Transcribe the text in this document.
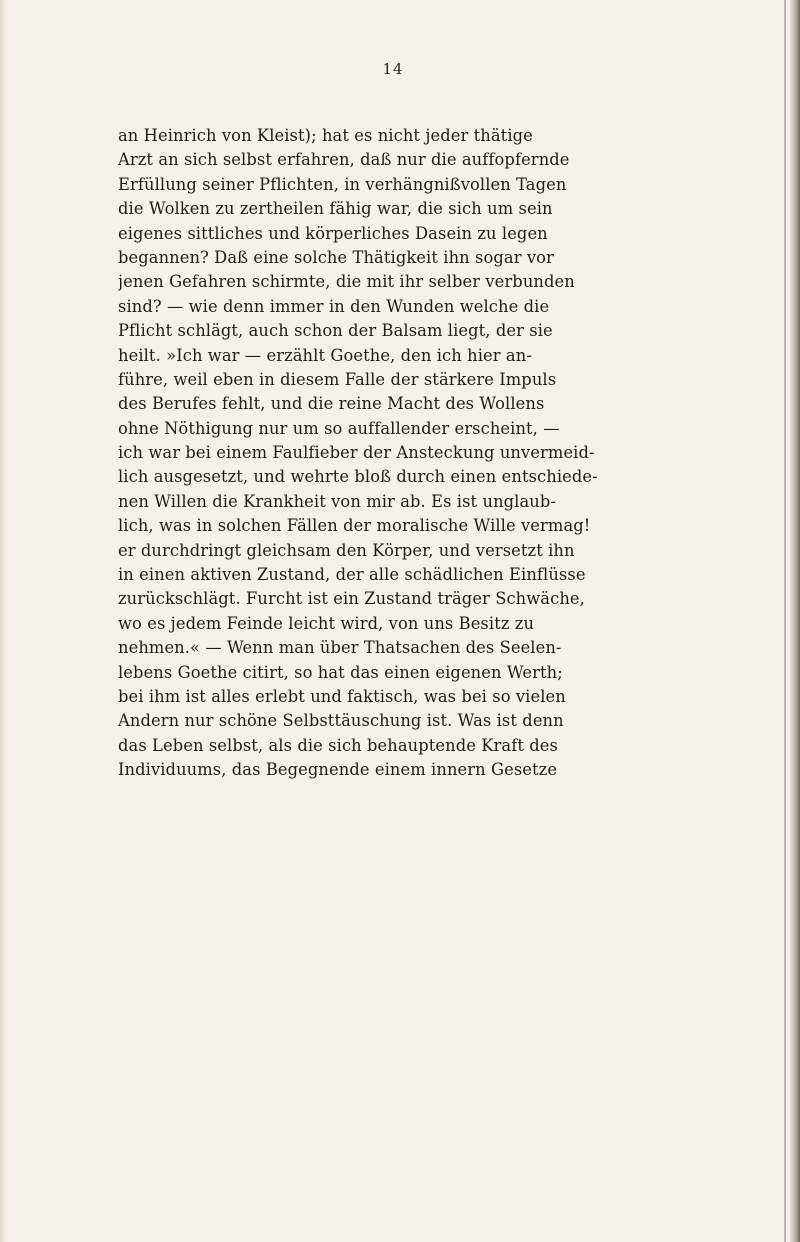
14
an Heinrich von Kleist); hat es nicht jeder thätige
Arzt an sich selbst erfahren, daß nur die auffopfernde
Erfüllung seiner Pflichten, in verhängnißvollen Tagen
die Wolken zu zertheilen fähig war, die sich um sein
eigenes sittliches und körperliches Dasein zu legen
begannen? Daß eine solche Thätigkeit ihn sogar vor
jenen Gefahren schirmte, die mit ihr selber verbunden
sind? — wie denn immer in den Wunden welche die
Pflicht schlägt, auch schon der Balsam liegt, der sie
heilt. »Ich war — erzählt Goethe, den ich hier an-
führe, weil eben in diesem Falle der stärkere Impuls
des Berufes fehlt, und die reine Macht des Wollens
ohne Nöthigung nur um so auffallender erscheint, —
ich war bei einem Faulfieber der Ansteckung unvermeid-
lich ausgesetzt, und wehrte bloß durch einen entschiede-
nen Willen die Krankheit von mir ab. Es ist unglaub-
lich, was in solchen Fällen der moralische Wille vermag!
er durchdringt gleichsam den Körper, und versetzt ihn
in einen aktiven Zustand, der alle schädlichen Einflüsse
zurückschlägt. Furcht ist ein Zustand träger Schwäche,
wo es jedem Feinde leicht wird, von uns Besitz zu
nehmen.« — Wenn man über Thatsachen des Seelen-
lebens Goethe citirt, so hat das einen eigenen Werth;
bei ihm ist alles erlebt und faktisch, was bei so vielen
Andern nur schöne Selbsttäuschung ist. Was ist denn
das Leben selbst, als die sich behauptende Kraft des
Individuums, das Begegnende einem innern Gesetze
